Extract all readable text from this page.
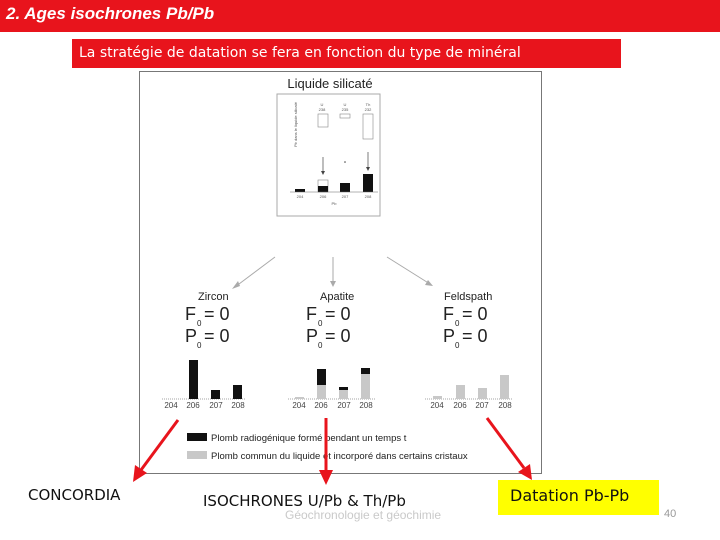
2. Ages isochrones Pb/Pb
La stratégie de datation se fera en fonction du type de minéral
Liquide silicaté
Pb dans le liquide silicaté	U
238
U
235
Th
232
204	206	207	208
Pb
Zircon
F 0 = 0
P 0 = 0
Apatite
F 0 = 0
P 0 = 0
Feldspath
F 0 = 0
P 0 = 0
204 206 207 208	204 206 207 208	204 206 207 208
Plomb radiogénique formé pendant un temps t
Plomb commun du liquide et incorporé dans certains cristaux
CONCORDIA	ISOCHRONES U/Pb & Th/Pb	Datation Pb-Pb
Géochronologie et géochimie	40
